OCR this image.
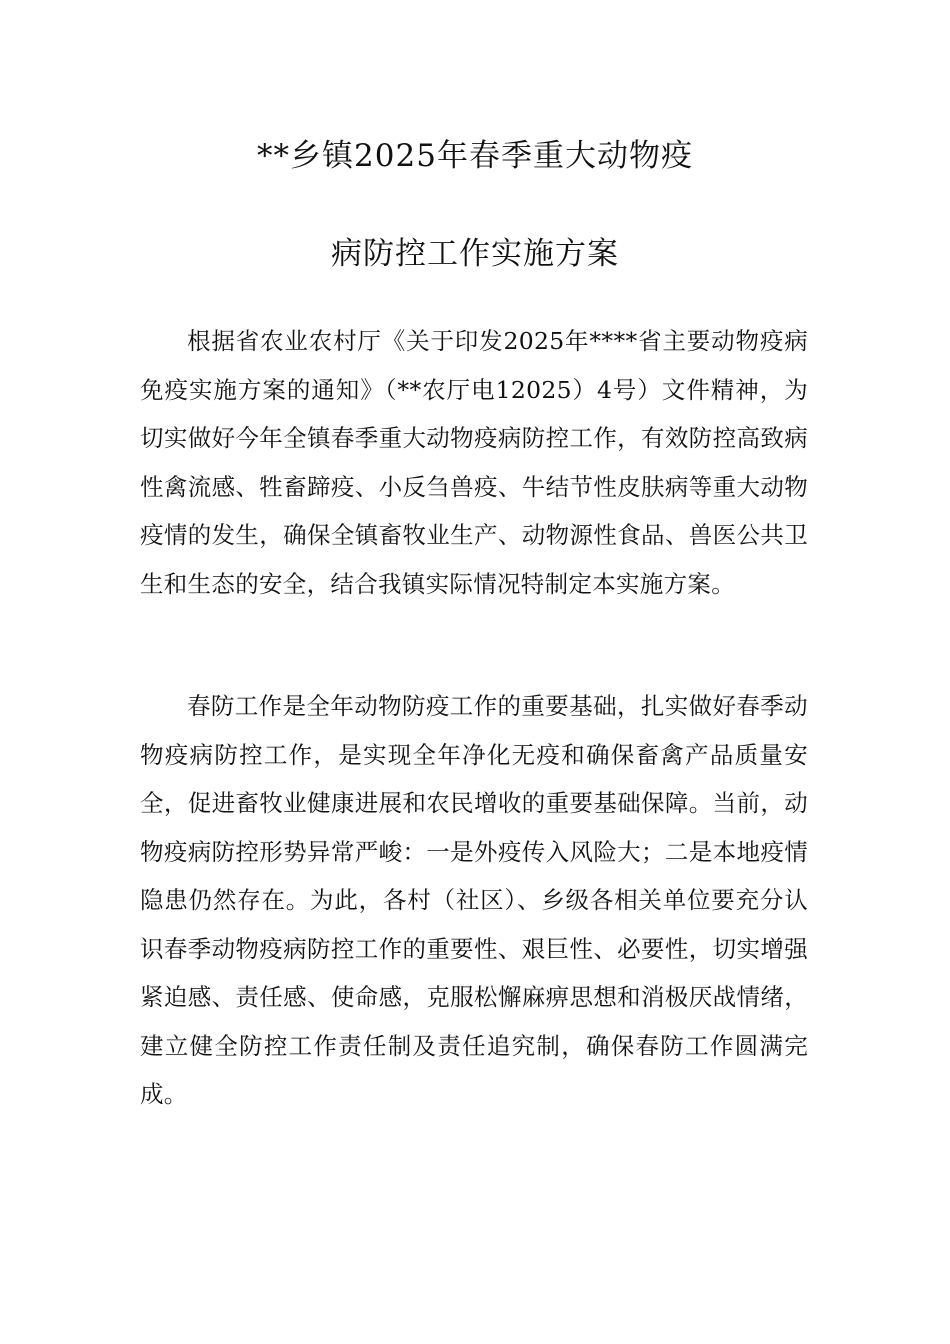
**乡镇2025年春季重大动物疫
病防控工作实施方案

根据省农业农村厅《关于印发2025年****省主要动物疫病免疫实施方案的通知》（**农厅电12025）4号）文件精神，为切实做好今年全镇春季重大动物疫病防控工作，有效防控高致病性禽流感、牲畜蹄疫、小反刍兽疫、牛结节性皮肤病等重大动物疫情的发生，确保全镇畜牧业生产、动物源性食品、兽医公共卫生和生态的安全，结合我镇实际情况特制定本实施方案。

春防工作是全年动物防疫工作的重要基础，扎实做好春季动物疫病防控工作，是实现全年净化无疫和确保畜禽产品质量安全，促进畜牧业健康进展和农民增收的重要基础保障。当前，动物疫病防控形势异常严峻：一是外疫传入风险大；二是本地疫情隐患仍然存在。为此，各村（社区）、乡级各相关单位要充分认识春季动物疫病防控工作的重要性、艰巨性、必要性，切实增强紧迫感、责任感、使命感，克服松懈麻痹思想和消极厌战情绪，建立健全防控工作责任制及责任追究制，确保春防工作圆满完成。
